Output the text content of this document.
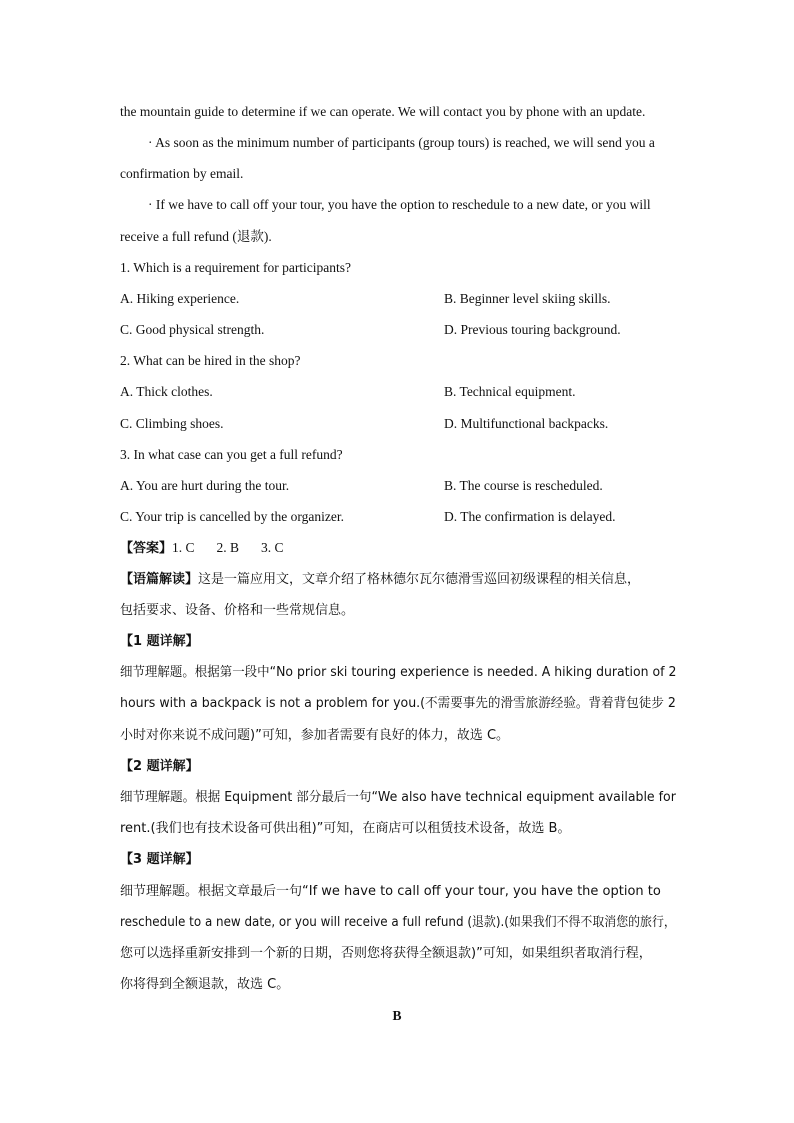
the mountain guide to determine if we can operate. We will contact you by phone with an update.
· As soon as the minimum number of participants (group tours) is reached, we will send you a
confirmation by email.
· If we have to call off your tour, you have the option to reschedule to a new date, or you will
receive a full refund (退款).
1. Which is a requirement for participants?
A. Hiking experience.	B. Beginner level skiing skills.
C. Good physical strength.	D. Previous touring background.
2. What can be hired in the shop?
A. Thick clothes.	B. Technical equipment.
C. Climbing shoes.	D. Multifunctional backpacks.
3. In what case can you get a full refund?
A. You are hurt during the tour.	B. The course is rescheduled.
C. Your trip is cancelled by the organizer.	D. The confirmation is delayed.
【答案】1. C 2. B 3. C
【语篇解读】这是一篇应用文，文章介绍了格林德尔瓦尔德滑雪巡回初级课程的相关信息，
包括要求、设备、价格和一些常规信息。
【1 题详解】
细节理解题。根据第一段中“No prior ski touring experience is needed. A hiking duration of 2
hours with a backpack is not a problem for you.(不需要事先的滑雪旅游经验。背着背包徒步 2
小时对你来说不成问题)”可知，参加者需要有良好的体力，故选 C。
【2 题详解】
细节理解题。根据 Equipment 部分最后一句“We also have technical equipment available for
rent.(我们也有技术设备可供出租)”可知，在商店可以租赁技术设备，故选 B。
【3 题详解】
细节理解题。根据文章最后一句“If we have to call off your tour, you have the option to
reschedule to a new date, or you will receive a full refund (退款).(如果我们不得不取消您的旅行，
您可以选择重新安排到一个新的日期，否则您将获得全额退款)”可知，如果组织者取消行程，
你将得到全额退款，故选 C。
B
